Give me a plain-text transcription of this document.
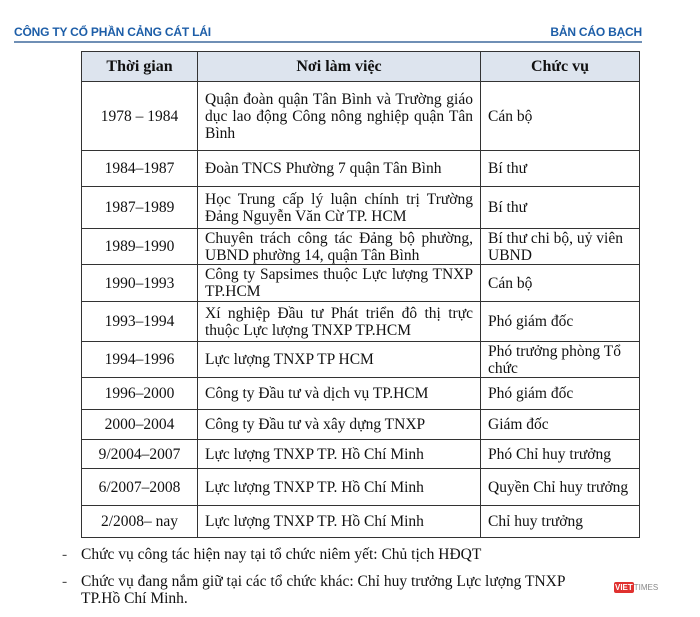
CÔNG TY CỔ PHẦN CẢNG CÁT LÁI	BẢN CÁO BẠCH
Thời gian	Nơi làm việc	Chức vụ
1978 – 1984	Quận đoàn quận Tân Bình và Trường giáo dục lao động Công nông nghiệp quận Tân Bình	Cán bộ
1984–1987	Đoàn TNCS Phường 7 quận Tân Bình	Bí thư
1987–1989	Học Trung cấp lý luận chính trị Trường Đảng Nguyễn Văn Cừ TP. HCM	Bí thư
1989–1990	Chuyên trách công tác Đảng bộ phường, UBND phường 14, quận Tân Bình	Bí thư chi bộ, uỷ viên UBND
1990–1993	Công ty Sapsimes thuộc Lực lượng TNXP TP.HCM	Cán bộ
1993–1994	Xí nghiệp Đầu tư Phát triển đô thị trực thuộc Lực lượng TNXP TP.HCM	Phó giám đốc
1994–1996	Lực lượng TNXP TP HCM	Phó trưởng phòng Tổ chức
1996–2000	Công ty Đầu tư và dịch vụ TP.HCM	Phó giám đốc
2000–2004	Công ty Đầu tư và xây dựng TNXP	Giám đốc
9/2004–2007	Lực lượng TNXP TP. Hồ Chí Minh	Phó Chỉ huy trưởng
6/2007–2008	Lực lượng TNXP TP. Hồ Chí Minh	Quyền Chỉ huy trưởng
2/2008– nay	Lực lượng TNXP TP. Hồ Chí Minh	Chỉ huy trưởng
- Chức vụ công tác hiện nay tại tổ chức niêm yết: Chủ tịch HĐQT
- Chức vụ đang nắm giữ tại các tổ chức khác: Chỉ huy trưởng Lực lượng TNXP TP.Hồ Chí Minh.
VIETTIMES
